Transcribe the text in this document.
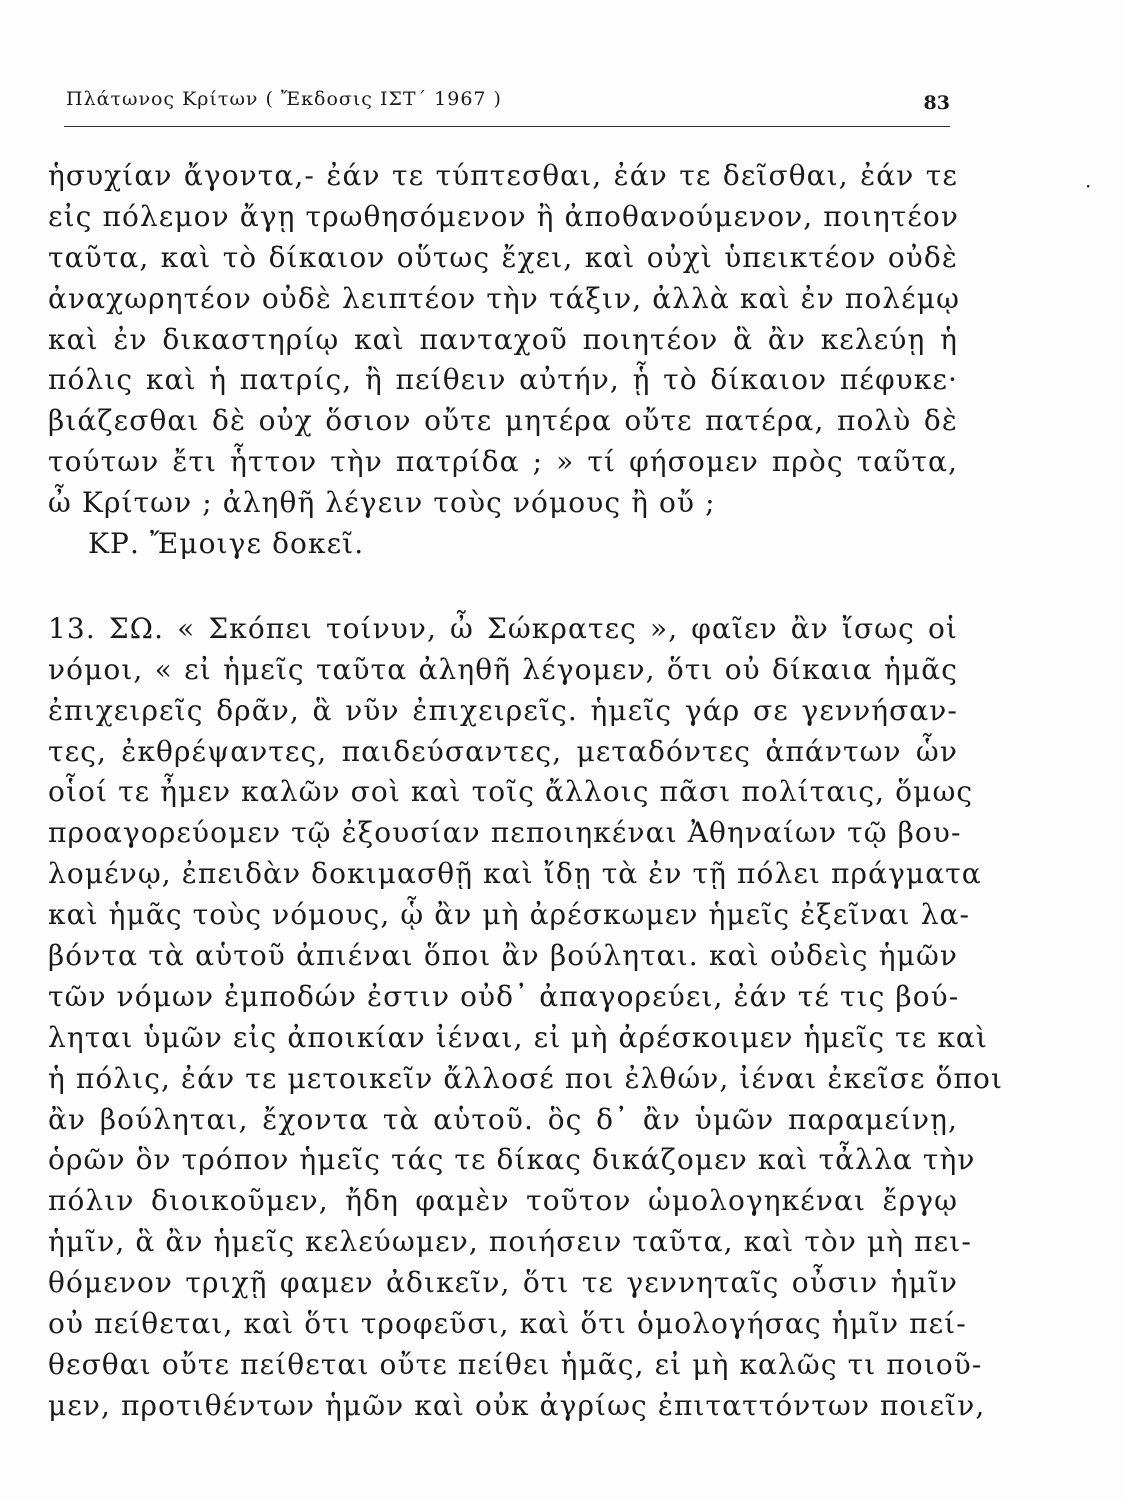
Πλάτωνος Κρίτων ( Ἔκδοσις ΙΣΤ΄ 1967 )	83
·
ἡσυχίαν ἄγοντα,- ἐάν τε τύπτεσθαι, ἐάν τε δεῖσθαι, ἐάν τε
εἰς πόλεμον ἄγῃ τρωθησόμενον ἢ ἀποθανούμενον, ποιητέον
ταῦτα, καὶ τὸ δίκαιον οὕτως ἔχει, καὶ οὐχὶ ὑπεικτέον οὐδὲ
ἀναχωρητέον οὐδὲ λειπτέον τὴν τάξιν, ἀλλὰ καὶ ἐν πολέμῳ
καὶ ἐν δικαστηρίῳ καὶ πανταχοῦ ποιητέον ἃ ἂν κελεύῃ ἡ
πόλις καὶ ἡ πατρίς, ἢ πείθειν αὐτήν, ᾗ τὸ δίκαιον πέφυκε·
βιάζεσθαι δὲ οὐχ ὅσιον οὔτε μητέρα οὔτε πατέρα, πολὺ δὲ
τούτων ἔτι ἧττον τὴν πατρίδα ; » τί φήσομεν πρὸς ταῦτα,
ὦ Κρίτων ; ἀληθῆ λέγειν τοὺς νόμους ἢ οὔ ;
ΚΡ. Ἔμοιγε δοκεῖ.
13. ΣΩ. « Σκόπει τοίνυν, ὦ Σώκρατες », φαῖεν ἂν ἴσως οἱ
νόμοι, « εἰ ἡμεῖς ταῦτα ἀληθῆ λέγομεν, ὅτι οὐ δίκαια ἡμᾶς
ἐπιχειρεῖς δρᾶν, ἃ νῦν ἐπιχειρεῖς. ἡμεῖς γάρ σε γεννήσαν-
τες, ἐκθρέψαντες, παιδεύσαντες, μεταδόντες ἁπάντων ὧν
οἷοί τε ἦμεν καλῶν σοὶ καὶ τοῖς ἄλλοις πᾶσι πολίταις, ὅμως
προαγορεύομεν τῷ ἐξουσίαν πεποιηκέναι Ἀθηναίων τῷ βου-
λομένῳ, ἐπειδὰν δοκιμασθῇ καὶ ἴδῃ τὰ ἐν τῇ πόλει πράγματα
καὶ ἡμᾶς τοὺς νόμους, ᾧ ἂν μὴ ἀρέσκωμεν ἡμεῖς ἐξεῖναι λα-
βόντα τὰ αὑτοῦ ἀπιέναι ὅποι ἂν βούληται. καὶ οὐδεὶς ἡμῶν
τῶν νόμων ἐμποδών ἐστιν οὐδ᾽ ἀπαγορεύει, ἐάν τέ τις βού-
ληται ὑμῶν εἰς ἀποικίαν ἰέναι, εἰ μὴ ἀρέσκοιμεν ἡμεῖς τε καὶ
ἡ πόλις, ἐάν τε μετοικεῖν ἄλλοσέ ποι ἐλθών, ἰέναι ἐκεῖσε ὅποι
ἂν βούληται, ἔχοντα τὰ αὑτοῦ. ὃς δ᾽ ἂν ὑμῶν παραμείνῃ,
ὁρῶν ὃν τρόπον ἡμεῖς τάς τε δίκας δικάζομεν καὶ τἆλλα τὴν
πόλιν διοικοῦμεν, ἤδη φαμὲν τοῦτον ὡμολογηκέναι ἔργῳ
ἡμῖν, ἃ ἂν ἡμεῖς κελεύωμεν, ποιήσειν ταῦτα, καὶ τὸν μὴ πει-
θόμενον τριχῇ φαμεν ἀδικεῖν, ὅτι τε γεννηταῖς οὖσιν ἡμῖν
οὐ πείθεται, καὶ ὅτι τροφεῦσι, καὶ ὅτι ὁμολογήσας ἡμῖν πεί-
θεσθαι οὔτε πείθεται οὔτε πείθει ἡμᾶς, εἰ μὴ καλῶς τι ποιοῦ-
μεν, προτιθέντων ἡμῶν καὶ οὐκ ἀγρίως ἐπιταττόντων ποιεῖν,
